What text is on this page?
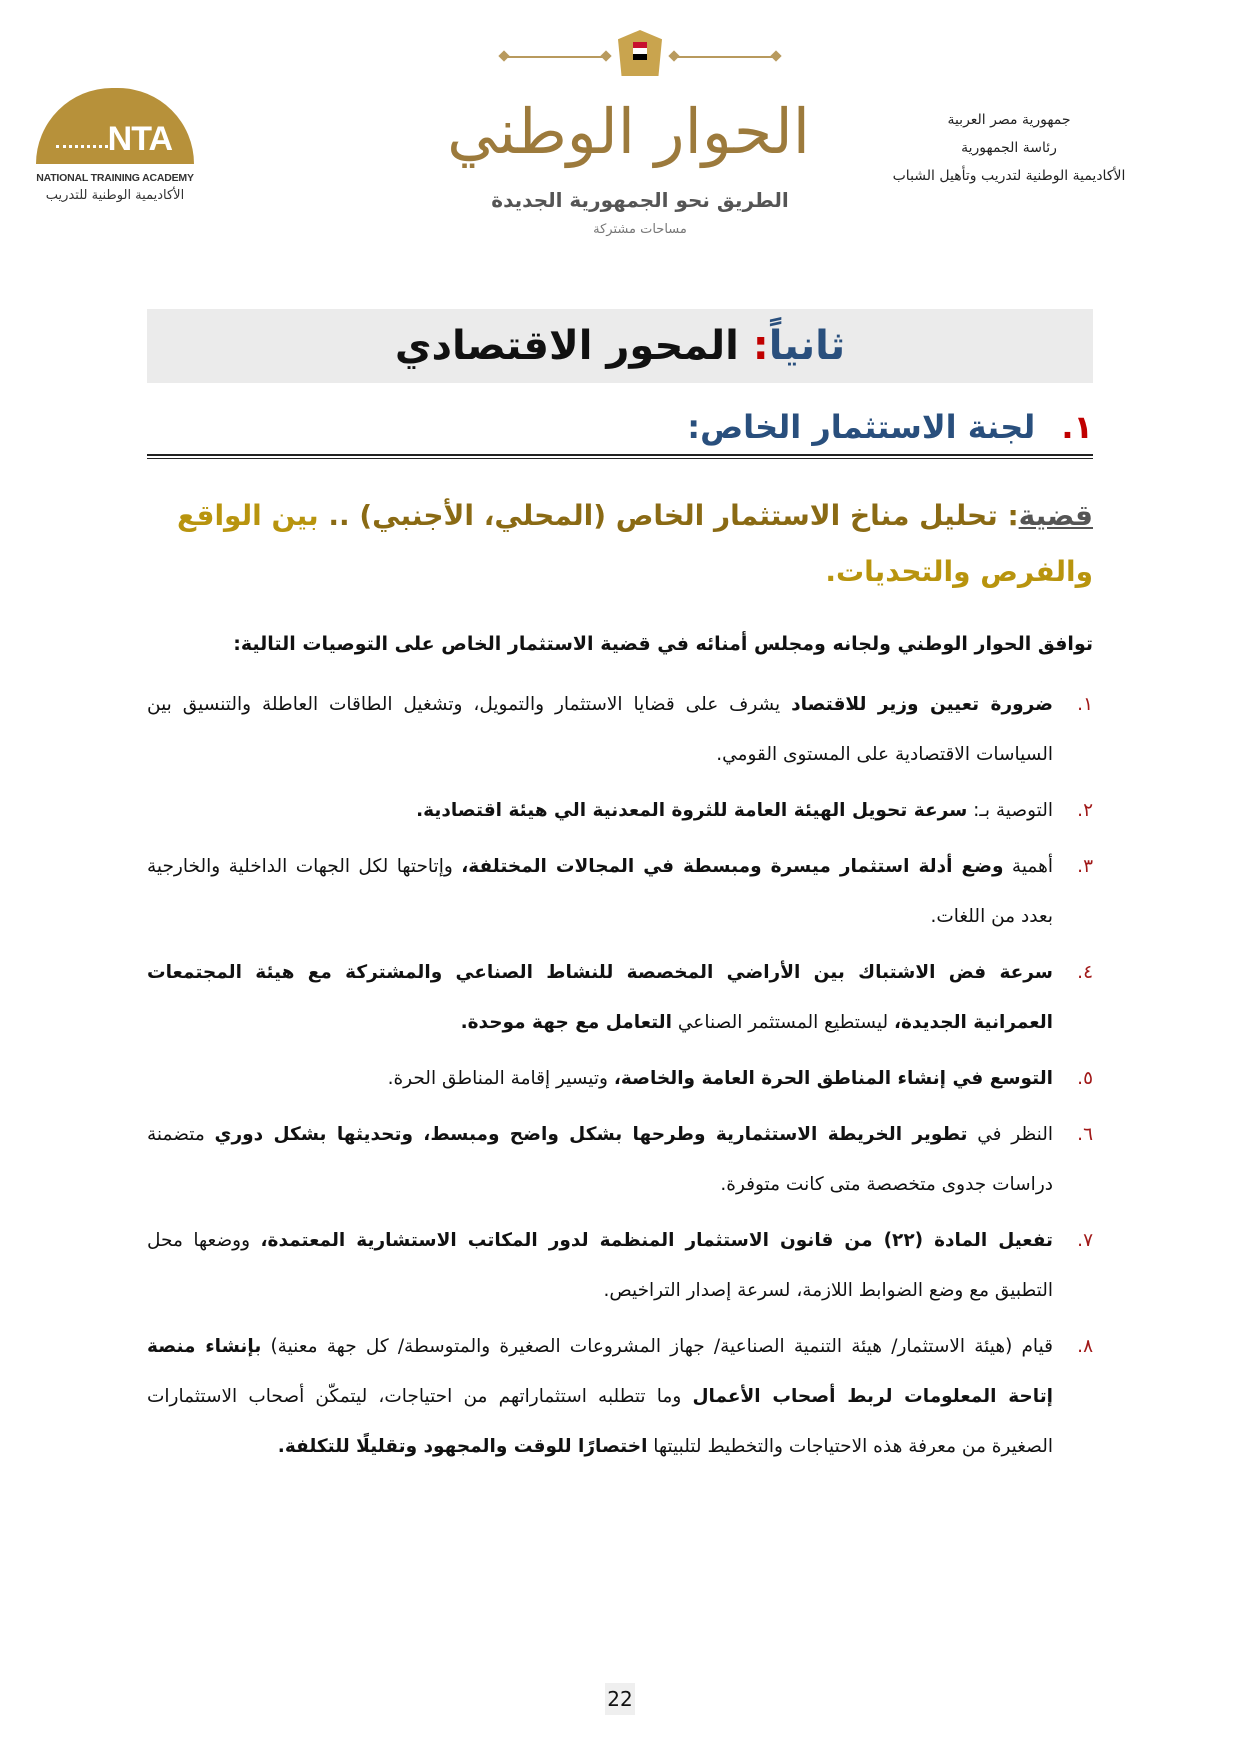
جمهورية مصر العربية
رئاسة الجمهورية
الأكاديمية الوطنية لتدريب وتأهيل الشباب
NTA
NATIONAL TRAINING ACADEMY
الأكاديمية الوطنية للتدريب
الحوار الوطني
الطريق نحو الجمهورية الجديدة
مساحات مشتركة
ثانياً: المحور الاقتصادي
١.لجنة الاستثمار الخاص:
قضية: تحليل مناخ الاستثمار الخاص (المحلي، الأجنبي) .. بين الواقع والفرص والتحديات.
توافق الحوار الوطني ولجانه ومجلس أمنائه في قضية الاستثمار الخاص على التوصيات التالية:
١.
ضرورة تعيين وزير للاقتصاد يشرف على قضايا الاستثمار والتمويل، وتشغيل الطاقات العاطلة والتنسيق بين السياسات الاقتصادية على المستوى القومي.
٢.
التوصية بـ: سرعة تحويل الهيئة العامة للثروة المعدنية الي هيئة اقتصادية.
٣.
أهمية وضع أدلة استثمار ميسرة ومبسطة في المجالات المختلفة، وإتاحتها لكل الجهات الداخلية والخارجية بعدد من اللغات.
٤.
سرعة فض الاشتباك بين الأراضي المخصصة للنشاط الصناعي والمشتركة مع هيئة المجتمعات العمرانية الجديدة، ليستطيع المستثمر الصناعي التعامل مع جهة موحدة.
٥.
التوسع في إنشاء المناطق الحرة العامة والخاصة، وتيسير إقامة المناطق الحرة.
٦.
النظر في تطوير الخريطة الاستثمارية وطرحها بشكل واضح ومبسط، وتحديثها بشكل دوري متضمنة دراسات جدوى متخصصة متى كانت متوفرة.
٧.
تفعيل المادة (٢٢) من قانون الاستثمار المنظمة لدور المكاتب الاستشارية المعتمدة، ووضعها محل التطبيق مع وضع الضوابط اللازمة، لسرعة إصدار التراخيص.
٨.
قيام (هيئة الاستثمار/ هيئة التنمية الصناعية/ جهاز المشروعات الصغيرة والمتوسطة/ كل جهة معنية) بإنشاء منصة إتاحة المعلومات لربط أصحاب الأعمال وما تتطلبه استثماراتهم من احتياجات، ليتمكّن أصحاب الاستثمارات الصغيرة من معرفة هذه الاحتياجات والتخطيط لتلبيتها اختصارًا للوقت والمجهود وتقليلًا للتكلفة.
22
